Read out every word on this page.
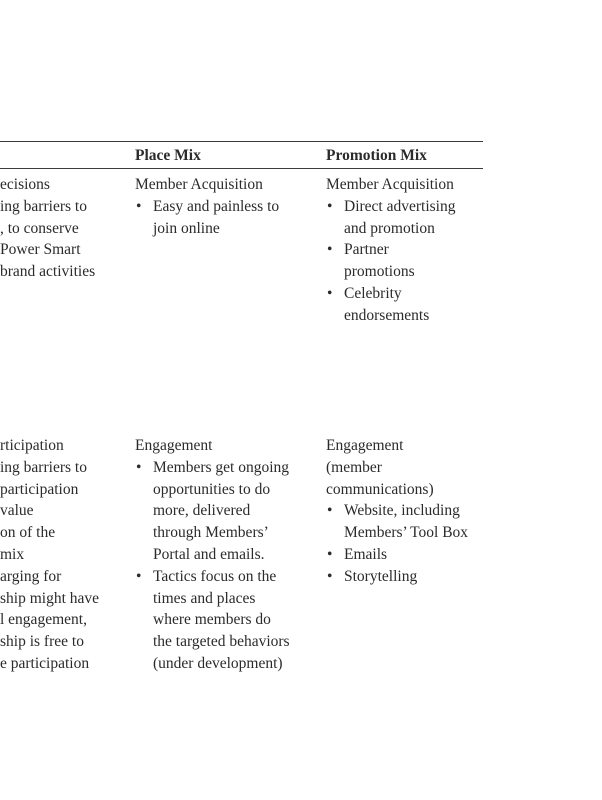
Place Mix	Promotion Mix
ecisions
ing barriers to
, to conserve
Power Smart
brand activities
Member Acquisition
• Easy and painless to
join online
Member Acquisition
• Direct advertising
and promotion
• Partner
promotions
• Celebrity
endorsements
rticipation
ing barriers to
participation
value
on of the
mix
arging for
ship might have
l engagement,
ship is free to
e participation
Engagement
• Members get ongoing
opportunities to do
more, delivered
through Members’
Portal and emails.
• Tactics focus on the
times and places
where members do
the targeted behaviors
(under development)
Engagement
(member
communications)
• Website, including
Members’ Tool Box
• Emails
• Storytelling
